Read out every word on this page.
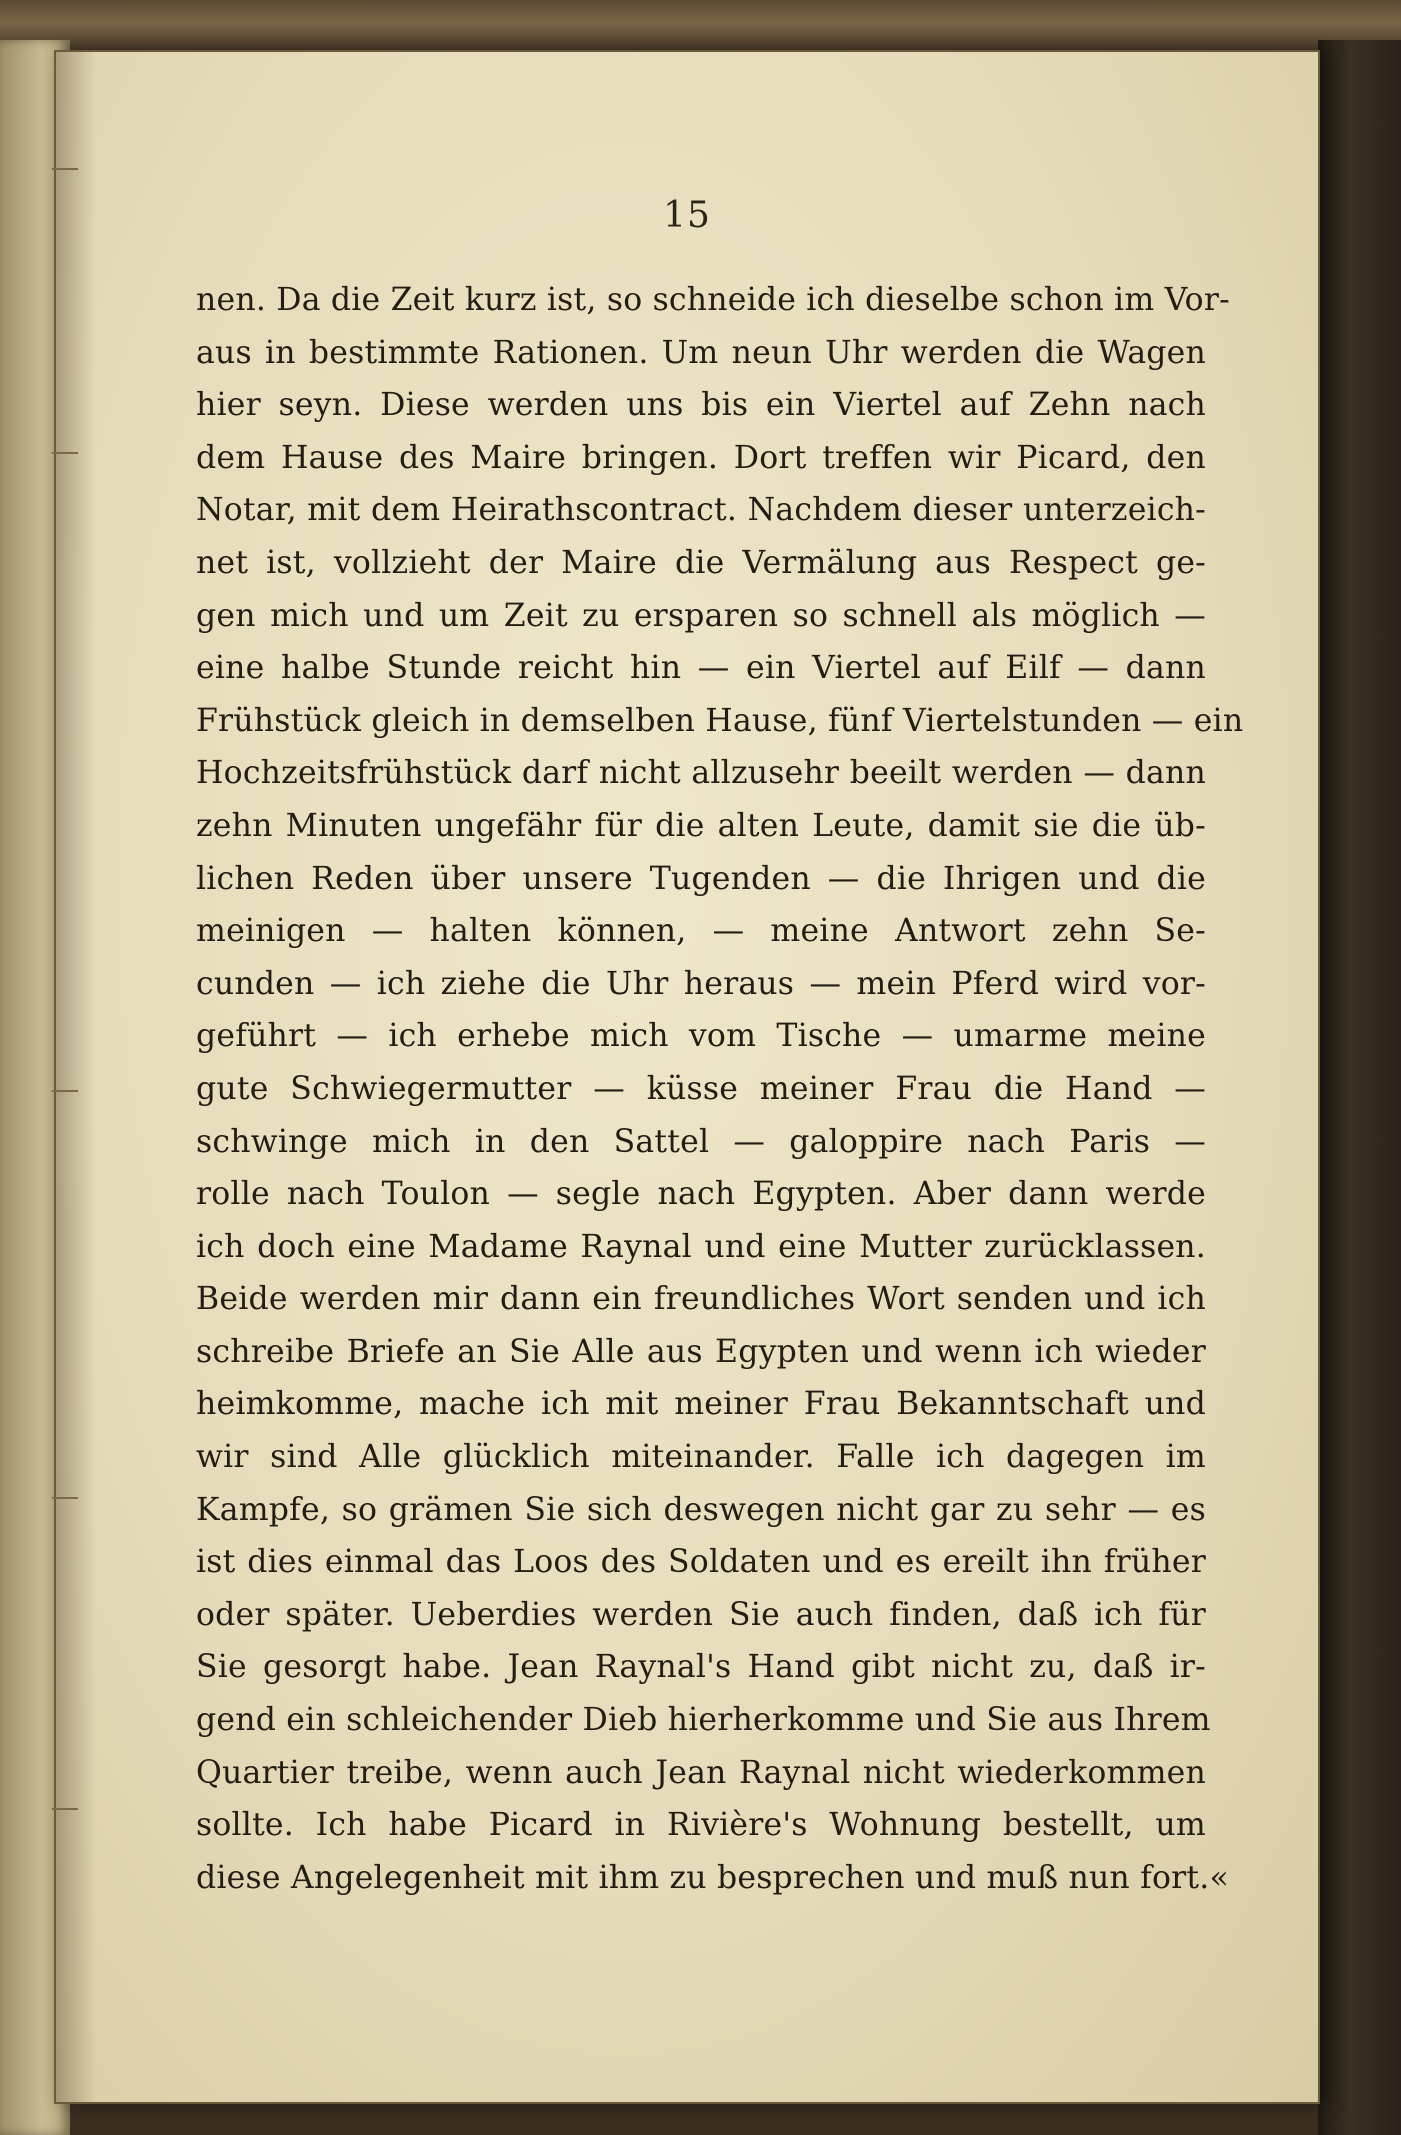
15
nen. Da die Zeit kurz ist, so schneide ich dieselbe schon im Vor-
aus in bestimmte Rationen. Um neun Uhr werden die Wagen
hier seyn. Diese werden uns bis ein Viertel auf Zehn nach
dem Hause des Maire bringen. Dort treffen wir Picard, den
Notar, mit dem Heirathscontract. Nachdem dieser unterzeich-
net ist, vollzieht der Maire die Vermälung aus Respect ge-
gen mich und um Zeit zu ersparen so schnell als möglich —
eine halbe Stunde reicht hin — ein Viertel auf Eilf — dann
Frühstück gleich in demselben Hause, fünf Viertelstunden — ein
Hochzeitsfrühstück darf nicht allzusehr beeilt werden — dann
zehn Minuten ungefähr für die alten Leute, damit sie die üb-
lichen Reden über unsere Tugenden — die Ihrigen und die
meinigen — halten können, — meine Antwort zehn Se-
cunden — ich ziehe die Uhr heraus — mein Pferd wird vor-
geführt — ich erhebe mich vom Tische — umarme meine
gute Schwiegermutter — küsse meiner Frau die Hand —
schwinge mich in den Sattel — galoppire nach Paris —
rolle nach Toulon — segle nach Egypten. Aber dann werde
ich doch eine Madame Raynal und eine Mutter zurücklassen.
Beide werden mir dann ein freundliches Wort senden und ich
schreibe Briefe an Sie Alle aus Egypten und wenn ich wieder
heimkomme, mache ich mit meiner Frau Bekanntschaft und
wir sind Alle glücklich miteinander. Falle ich dagegen im
Kampfe, so grämen Sie sich deswegen nicht gar zu sehr — es
ist dies einmal das Loos des Soldaten und es ereilt ihn früher
oder später. Ueberdies werden Sie auch finden, daß ich für
Sie gesorgt habe. Jean Raynal's Hand gibt nicht zu, daß ir-
gend ein schleichender Dieb hierherkomme und Sie aus Ihrem
Quartier treibe, wenn auch Jean Raynal nicht wiederkommen
sollte. Ich habe Picard in Rivière's Wohnung bestellt, um
diese Angelegenheit mit ihm zu besprechen und muß nun fort.«
